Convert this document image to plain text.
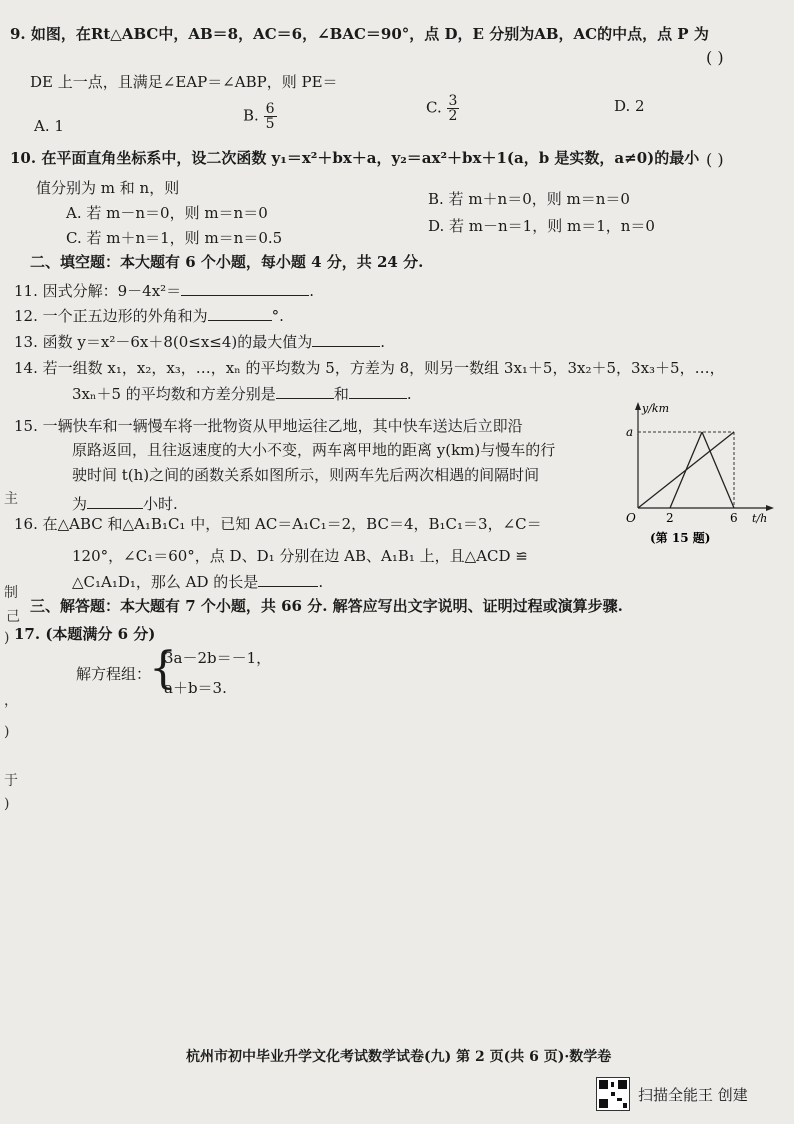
9. 如图，在Rt△ABC中，AB＝8，AC＝6，∠BAC＝90°，点 D，E 分别为AB，AC的中点，点 P 为
( )
DE 上一点，且满足∠EAP＝∠ABP，则 PE＝
A. 1
B. $\frac{6}{5}$	C. $\frac{3}{2}$	D. 2
10. 在平面直角坐标系中，设二次函数 y₁＝x²＋bx＋a，y₂＝ax²＋bx＋1(a，b 是实数，a≠0)的最小 ( )
值分别为 m 和 n，则
A. 若 m－n＝0，则 m＝n＝0
B. 若 m＋n＝0，则 m＝n＝0
C. 若 m＋n＝1，则 m＝n＝0.5
D. 若 m－n＝1，则 m＝1，n＝0
二、填空题：本大题有 6 个小题，每小题 4 分，共 24 分.
11. 因式分解：9－4x²＝	.
12. 一个正五边形的外角和为	°.
13. 函数 y＝x²－6x＋8(0≤x≤4)的最大值为	.
14. 若一组数 x₁，x₂，x₃，…，xₙ 的平均数为 5，方差为 8，则另一数组 3x₁＋5，3x₂＋5，3x₃＋5，…，
3xₙ＋5 的平均数和方差分别是	和	.
15. 一辆快车和一辆慢车将一批物资从甲地运往乙地，其中快车送达后立即沿
原路返回，且往返速度的大小不变，两车离甲地的距离 y(km)与慢车的行
驶时间 t(h)之间的函数关系如图所示，则两车先后两次相遇的间隔时间
为	小时.
y/km
t/h
O
a
2	6
(第 15 题)
16. 在△ABC 和△A₁B₁C₁ 中，已知 AC＝A₁C₁＝2，BC＝4，B₁C₁＝3，∠C＝
120°，∠C₁＝60°，点 D、D₁ 分别在边 AB、A₁B₁ 上，且△ACD ≌
△C₁A₁D₁，那么 AD 的长是	.
三、解答题：本大题有 7 个小题，共 66 分. 解答应写出文字说明、证明过程或演算步骤.
17. (本题满分 6 分)
解方程组：
{
3a－2b＝－1，
a＋b＝3.
主
制
己
)
，
)
于
)
杭州市初中毕业升学文化考试数学试卷(九) 第 2 页(共 6 页)·数学卷
扫描全能王 创建
